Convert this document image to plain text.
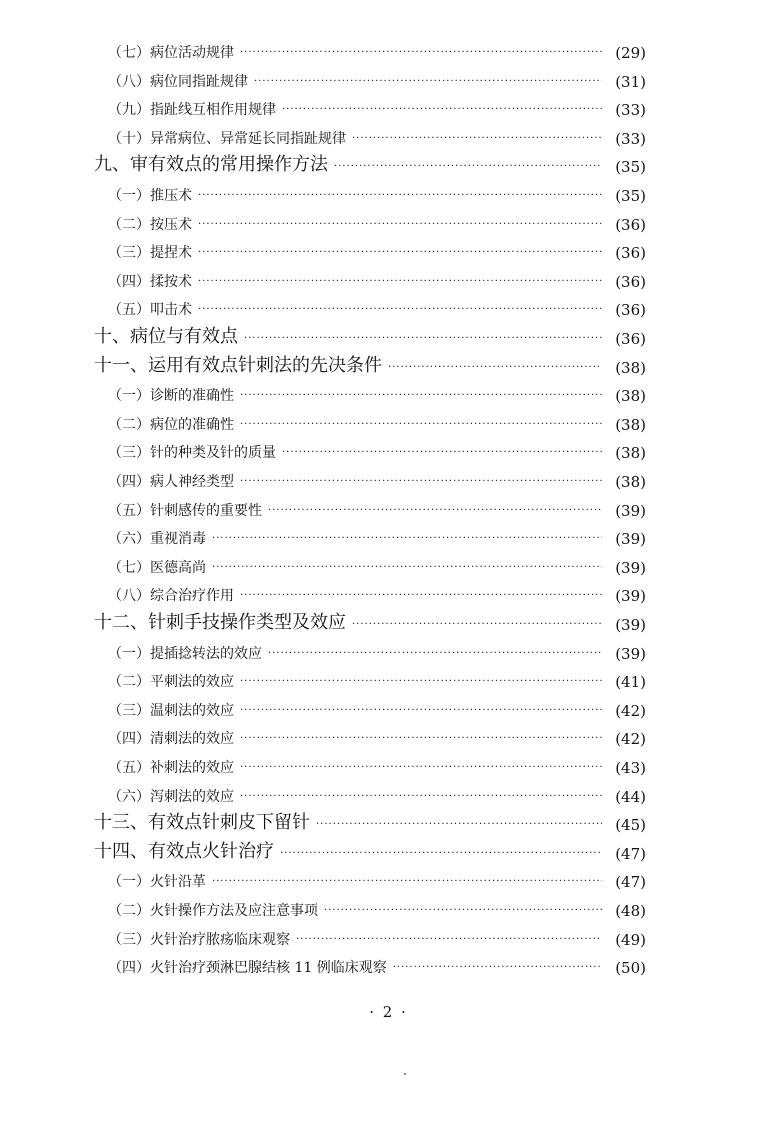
（七）病位活动规律 ·····	(29)
（八）病位同指趾规律 ·····	(31)
（九）指趾线互相作用规律 ·····	(33)
（十）异常病位、异常延长同指趾规律 ·····	(33)
九、审有效点的常用操作方法 ·····	(35)
（一）推压术 ·····	(35)
（二）按压术 ·····	(36)
（三）提捏术 ·····	(36)
（四）揉按术 ·····	(36)
（五）叩击术 ·····	(36)
十、病位与有效点 ·····	(36)
十一、运用有效点针刺法的先决条件 ·····	(38)
（一）诊断的准确性 ·····	(38)
（二）病位的准确性 ·····	(38)
（三）针的种类及针的质量 ·····	(38)
（四）病人神经类型 ·····	(38)
（五）针刺感传的重要性 ·····	(39)
（六）重视消毒 ·····	(39)
（七）医德高尚 ·····	(39)
（八）综合治疗作用 ·····	(39)
十二、针刺手技操作类型及效应 ·····	(39)
（一）提插捻转法的效应 ·····	(39)
（二）平刺法的效应 ·····	(41)
（三）温刺法的效应 ·····	(42)
（四）清刺法的效应 ·····	(42)
（五）补刺法的效应 ·····	(43)
（六）泻刺法的效应 ·····	(44)
十三、有效点针刺皮下留针 ·····	(45)
十四、有效点火针治疗 ·····	(47)
（一）火针沿革 ·····	(47)
（二）火针操作方法及应注意事项 ·····	(48)
（三）火针治疗脓疡临床观察 ·····	(49)
（四）火针治疗颈淋巴腺结核 11 例临床观察 ·····	(50)
· 2 ·
